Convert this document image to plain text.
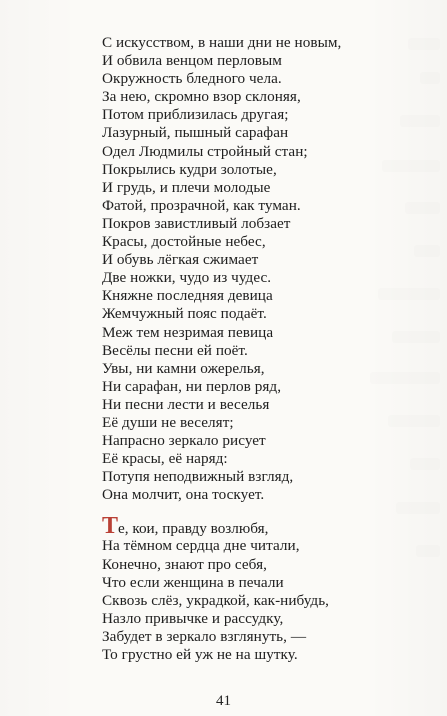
С искусством, в наши дни не новым,
И обвила венцом перловым
Окружность бледного чела.
За нею, скромно взор склоняя,
Потом приблизилась другая;
Лазурный, пышный сарафан
Одел Людмилы стройный стан;
Покрылись кудри золотые,
И грудь, и плечи молодые
Фатой, прозрачной, как туман.
Покров завистливый лобзает
Красы, достойные небес,
И обувь лёгкая сжимает
Две ножки, чудо из чудес.
Княжне последняя девица
Жемчужный пояс подаёт.
Меж тем незримая певица
Весёлы песни ей поёт.
Увы, ни камни ожерелья,
Ни сарафан, ни перлов ряд,
Ни песни лести и веселья
Её души не веселят;
Напрасно зеркало рисует
Её красы, её наряд:
Потупя неподвижный взгляд,
Она молчит, она тоскует.
Те, кои, правду возлюбя,
На тёмном сердца дне читали,
Конечно, знают про себя,
Что если женщина в печали
Сквозь слёз, украдкой, как-нибудь,
Назло привычке и рассудку,
Забудет в зеркало взглянуть, —
То грустно ей уж не на шутку.
41
